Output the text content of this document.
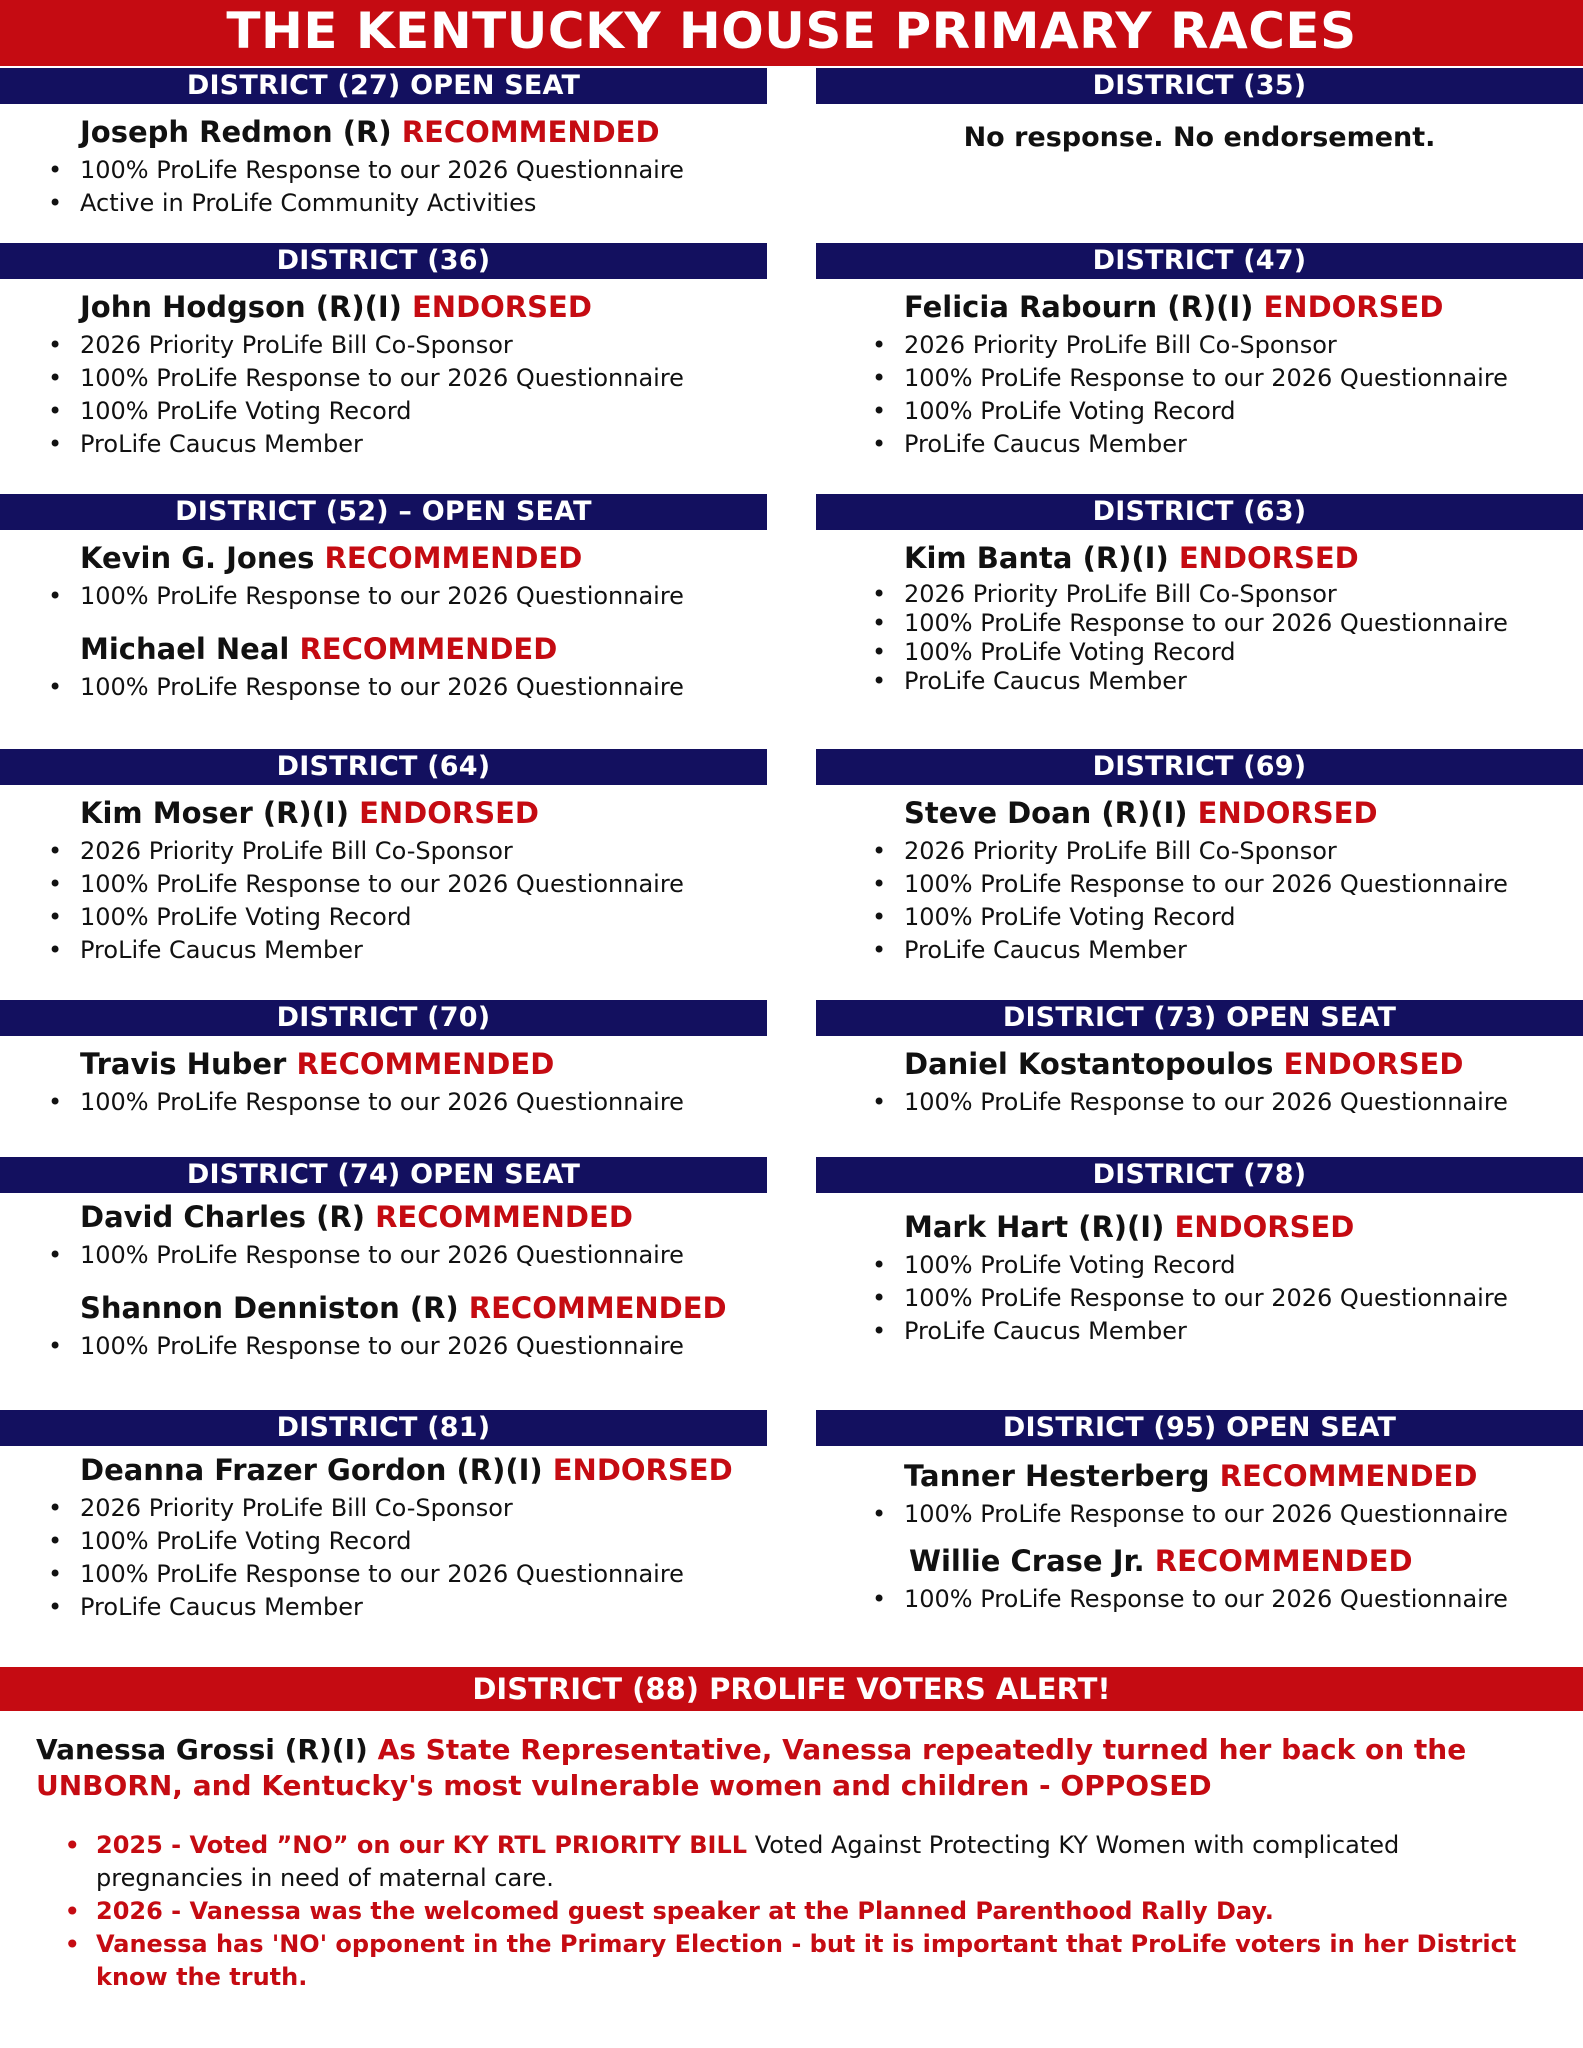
THE KENTUCKY HOUSE PRIMARY RACES
DISTRICT (27) OPEN SEAT
Joseph Redmon (R) RECOMMENDED
• 100% ProLife Response to our 2026 Questionnaire
• Active in ProLife Community Activities
DISTRICT (35)
No response. No endorsement.
DISTRICT (36)
John Hodgson (R)(I) ENDORSED
• 2026 Priority ProLife Bill Co-Sponsor
• 100% ProLife Response to our 2026 Questionnaire
• 100% ProLife Voting Record
• ProLife Caucus Member
DISTRICT (47)
Felicia Rabourn (R)(I) ENDORSED
• 2026 Priority ProLife Bill Co-Sponsor
• 100% ProLife Response to our 2026 Questionnaire
• 100% ProLife Voting Record
• ProLife Caucus Member
DISTRICT (52) – OPEN SEAT
Kevin G. Jones RECOMMENDED
• 100% ProLife Response to our 2026 Questionnaire
Michael Neal RECOMMENDED
• 100% ProLife Response to our 2026 Questionnaire
DISTRICT (63)
Kim Banta (R)(I) ENDORSED
• 2026 Priority ProLife Bill Co-Sponsor
• 100% ProLife Response to our 2026 Questionnaire
• 100% ProLife Voting Record
• ProLife Caucus Member
DISTRICT (64)
Kim Moser (R)(I) ENDORSED
• 2026 Priority ProLife Bill Co-Sponsor
• 100% ProLife Response to our 2026 Questionnaire
• 100% ProLife Voting Record
• ProLife Caucus Member
DISTRICT (69)
Steve Doan (R)(I) ENDORSED
• 2026 Priority ProLife Bill Co-Sponsor
• 100% ProLife Response to our 2026 Questionnaire
• 100% ProLife Voting Record
• ProLife Caucus Member
DISTRICT (70)
Travis Huber RECOMMENDED
• 100% ProLife Response to our 2026 Questionnaire
DISTRICT (73) OPEN SEAT
Daniel Kostantopoulos ENDORSED
• 100% ProLife Response to our 2026 Questionnaire
DISTRICT (74) OPEN SEAT
David Charles (R) RECOMMENDED
• 100% ProLife Response to our 2026 Questionnaire
Shannon Denniston (R) RECOMMENDED
• 100% ProLife Response to our 2026 Questionnaire
DISTRICT (78)
Mark Hart (R)(I) ENDORSED
• 100% ProLife Voting Record
• 100% ProLife Response to our 2026 Questionnaire
• ProLife Caucus Member
DISTRICT (81)
Deanna Frazer Gordon (R)(I) ENDORSED
• 2026 Priority ProLife Bill Co-Sponsor
• 100% ProLife Voting Record
• 100% ProLife Response to our 2026 Questionnaire
• ProLife Caucus Member
DISTRICT (95) OPEN SEAT
Tanner Hesterberg RECOMMENDED
• 100% ProLife Response to our 2026 Questionnaire
Willie Crase Jr. RECOMMENDED
• 100% ProLife Response to our 2026 Questionnaire
DISTRICT (88) PROLIFE VOTERS ALERT!
Vanessa Grossi (R)(I) As State Representative, Vanessa repeatedly turned her back on the UNBORN, and Kentucky's most vulnerable women and children - OPPOSED
• 2025 - Voted ”NO” on our KY RTL PRIORITY BILL Voted Against Protecting KY Women with complicated pregnancies in need of maternal care.
• 2026 - Vanessa was the welcomed guest speaker at the Planned Parenthood Rally Day.
• Vanessa has 'NO' opponent in the Primary Election - but it is important that ProLife voters in her District know the truth.
